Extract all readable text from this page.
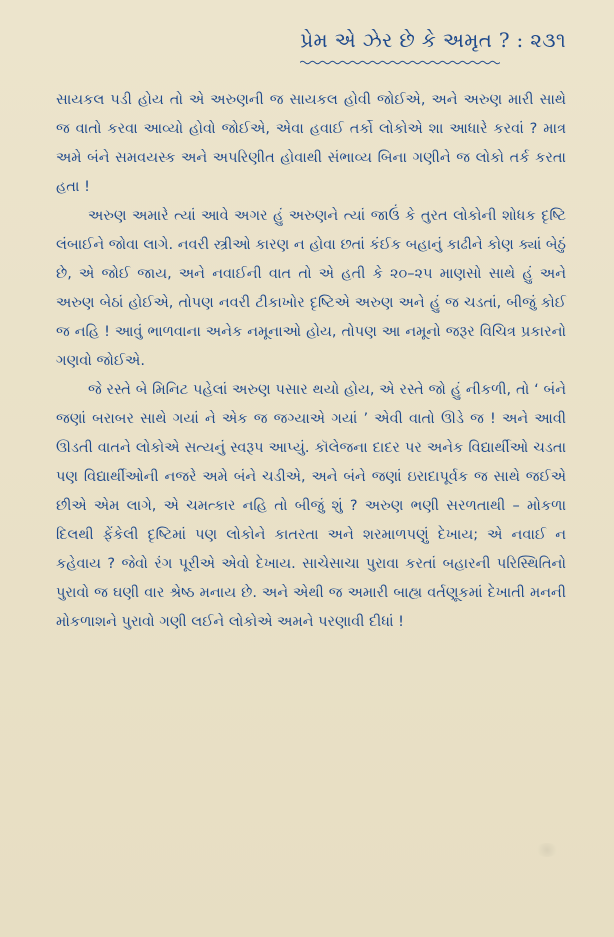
પ્રેમ એ ઝેર છે કે અમૃત ? : ૨૩૧

સાયકલ પડી હોય તો એ અરુણની જ સાયકલ હોવી જોઈએ, અને અરુણ મારી સાથે જ વાતો કરવા આવ્યો હોવો જોઈએ, એવા હવાઈ તર્કો લોકોએ શા આધારે કરવાં ? માત્ર અમે બંને સમવયસ્ક અને અપરિણીત હોવાથી સંભાવ્ય બિના ગણીને જ લોકો તર્ક કરતા હતા !

અરુણ અમારે ત્યાં આવે અગર હું અરુણને ત્યાં જાઉં કે તુરત લોકોની શોધક દૃષ્ટિ લંબાઈને જોવા લાગે. નવરી સ્ત્રીઓ કારણ ન હોવા છતાં કંઈક બહાનું કાઢીને કોણ ક્યાં બેઠું છે, એ જોઈ જાય, અને નવાઈની વાત તો એ હતી કે ૨૦–૨૫ માણસો સાથે હું અને અરુણ બેઠાં હોઈએ, તોપણ નવરી ટીકાખોર દૃષ્ટિએ અરુણ અને હું જ ચડતાં, બીજું કોઈ જ નહિ ! આવું ભાળવાના અનેક નમૂનાઓ હોય, તોપણ આ નમૂનો જરૂર વિચિત્ર પ્રકારનો ગણવો જોઈએ.

જે રસ્તે બે મિનિટ પહેલાં અરુણ પસાર થયો હોય, એ રસ્તે જો હું નીકળી, તો ‘ બંને જણાં બરાબર સાથે ગયાં ને એક જ જગ્યાએ ગયાં ’ એવી વાતો ઊડે જ ! અને આવી ઊડતી વાતને લોકોએ સત્યનું સ્વરૂપ આપ્યું. કૉલેજના દાદર પર અનેક વિદ્યાર્થીઓ ચડતા પણ વિદ્યાર્થીઓની નજરે અમે બંને ચડીએ, અને બંને જણાં ઇરાદાપૂર્વક જ સાથે જઈએ છીએ એમ લાગે, એ ચમત્કાર નહિ તો બીજું શું ? અરુણ ભણી સરળતાથી – મોકળા દિલથી ફેંકેલી દૃષ્ટિમાં પણ લોકોને કાતરતા અને શરમાળપણું દેખાય; એ નવાઈ ન કહેવાય ? જેવો રંગ પૂરીએ એવો દેખાય. સાચેસાચા પુરાવા કરતાં બહારની પરિસ્થિતિનો પુરાવો જ ઘણી વાર શ્રેષ્ઠ મનાય છે. અને એથી જ અમારી બાહ્ય વર્તણૂકમાં દેખાતી મનની મોકળાશને પુરાવો ગણી લઈને લોકોએ અમને પરણાવી દીધાં !
